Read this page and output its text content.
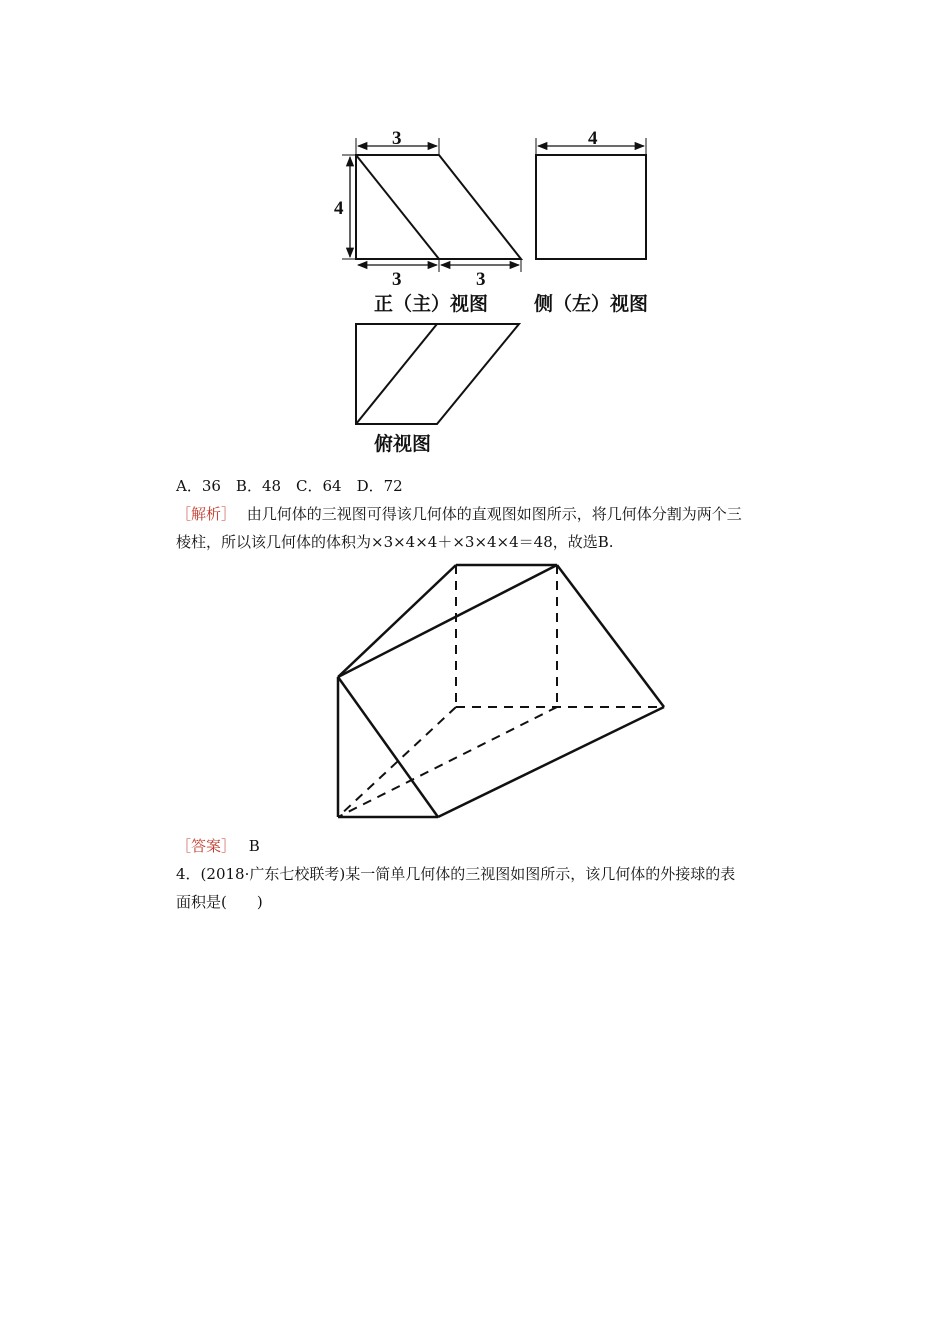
3
4
3	3
正（主）视图
4
侧（左）视图
俯视图
A．36　B．48　C．64　D．72
［解析］ 由几何体的三视图可得该几何体的直观图如图所示，将几何体分割为两个三
棱柱，所以该几何体的体积为×3×4×4＋×3×4×4＝48，故选B.
［答案］ B
4．(2018·广东七校联考)某一简单几何体的三视图如图所示，该几何体的外接球的表
面积是(　　)
